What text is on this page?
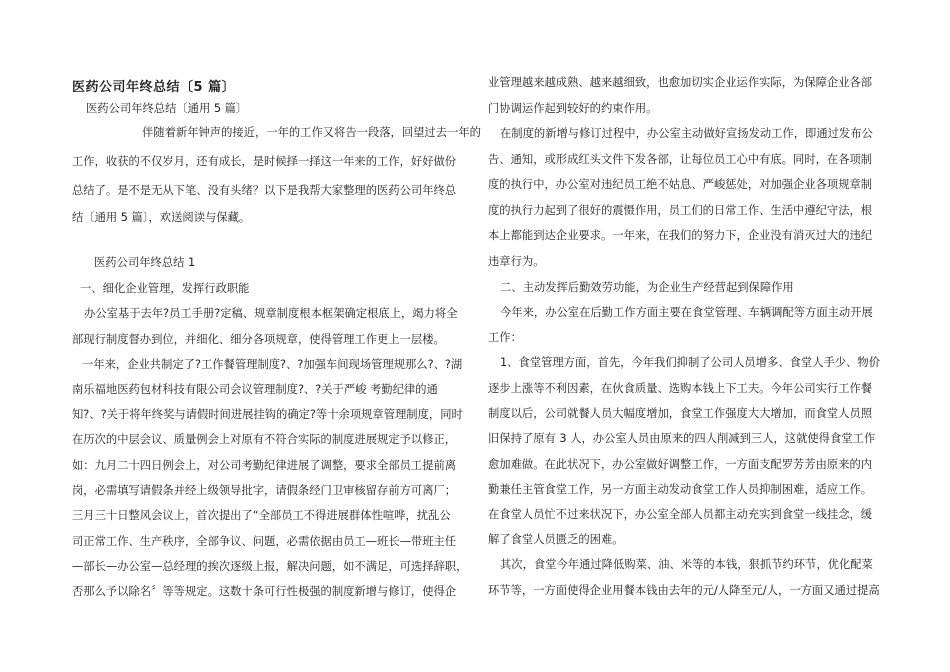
医药公司年终总结〔5 篇〕
医药公司年终总结〔通用 5 篇〕
伴随着新年钟声的接近，一年的工作又将告一段落，回望过去一年的
工作，收获的不仅岁月，还有成长，是时候择一择这一年来的工作，好好做份
总结了。是不是无从下笔、没有头绪？以下是我帮大家整理的医药公司年终总
结〔通用 5 篇〕，欢送阅读与保藏。
医药公司年终总结 1
一、细化企业管理，发挥行政职能
办公室基于去年?员工手册?定稿、规章制度根本框架确定根底上，竭力将全
部现行制度督办到位，并细化、细分各项规章，使得管理工作更上一层楼。
一年来，企业共制定了?工作餐管理制度?、?加强车间现场管理规那么?、?湖
南乐福地医药包材科技有限公司会议管理制度?、?关于严峻 考勤纪律的通
知?、?关于将年终奖与请假时间进展挂钩的确定?等十余项规章管理制度，同时
在历次的中层会议、质量例会上对原有不符合实际的制度进展规定予以修正，
如：九月二十四日例会上，对公司考勤纪律进展了调整，要求全部员工提前离
岗，必需填写请假条并经上级领导批字，请假条经门卫审核留存前方可离厂；
三月三十日整风会议上，首次提出了“全部员工不得进展群体性喧哗，扰乱公
司正常工作、生产秩序，全部争议、问题，必需依据由员工—班长—带班主任
—部长—办公室—总经理的挨次逐级上报，解决问题，如不满足，可选择辞职，
否那么予以除名〞等等规定。这数十条可行性极强的制度新增与修订，使得企
业管理越来越成熟、越来越细致，也愈加切实企业运作实际，为保障企业各部
门协调运作起到较好的约束作用。
在制度的新增与修订过程中，办公室主动做好宣扬发动工作，即通过发布公
告、通知，或形成红头文件下发各部，让每位员工心中有底。同时，在各项制
度的执行中，办公室对违纪员工绝不姑息、严峻惩处，对加强企业各项规章制
度的执行力起到了很好的震慑作用，员工们的日常工作、生活中遵纪守法，根
本上都能到达企业要求。一年来，在我们的努力下，企业没有消灭过大的违纪
违章行为。
二、主动发挥后勤效劳功能，为企业生产经营起到保障作用
今年来，办公室在后勤工作方面主要在食堂管理、车辆调配等方面主动开展
工作：
1、食堂管理方面，首先，今年我们抑制了公司人员增多、食堂人手少、物价
逐步上涨等不利因素，在伙食质量、选购本钱上下工夫。今年公司实行工作餐
制度以后，公司就餐人员大幅度增加，食堂工作强度大大增加，而食堂人员照
旧保持了原有 3 人，办公室人员由原来的四人削减到三人，这就使得食堂工作
愈加难做。在此状况下，办公室做好调整工作，一方面支配罗芳芳由原来的内
勤兼任主管食堂工作，另一方面主动发动食堂工作人员抑制困难，适应工作。
在食堂人员忙不过来状况下，办公室全部人员都主动充实到食堂一线挂念，缓
解了食堂人员匮乏的困难。
其次，食堂今年通过降低购菜、油、米等的本钱，狠抓节约环节，优化配菜
环节等，一方面使得企业用餐本钱由去年的元/人降至元/人，一方面又通过提高
